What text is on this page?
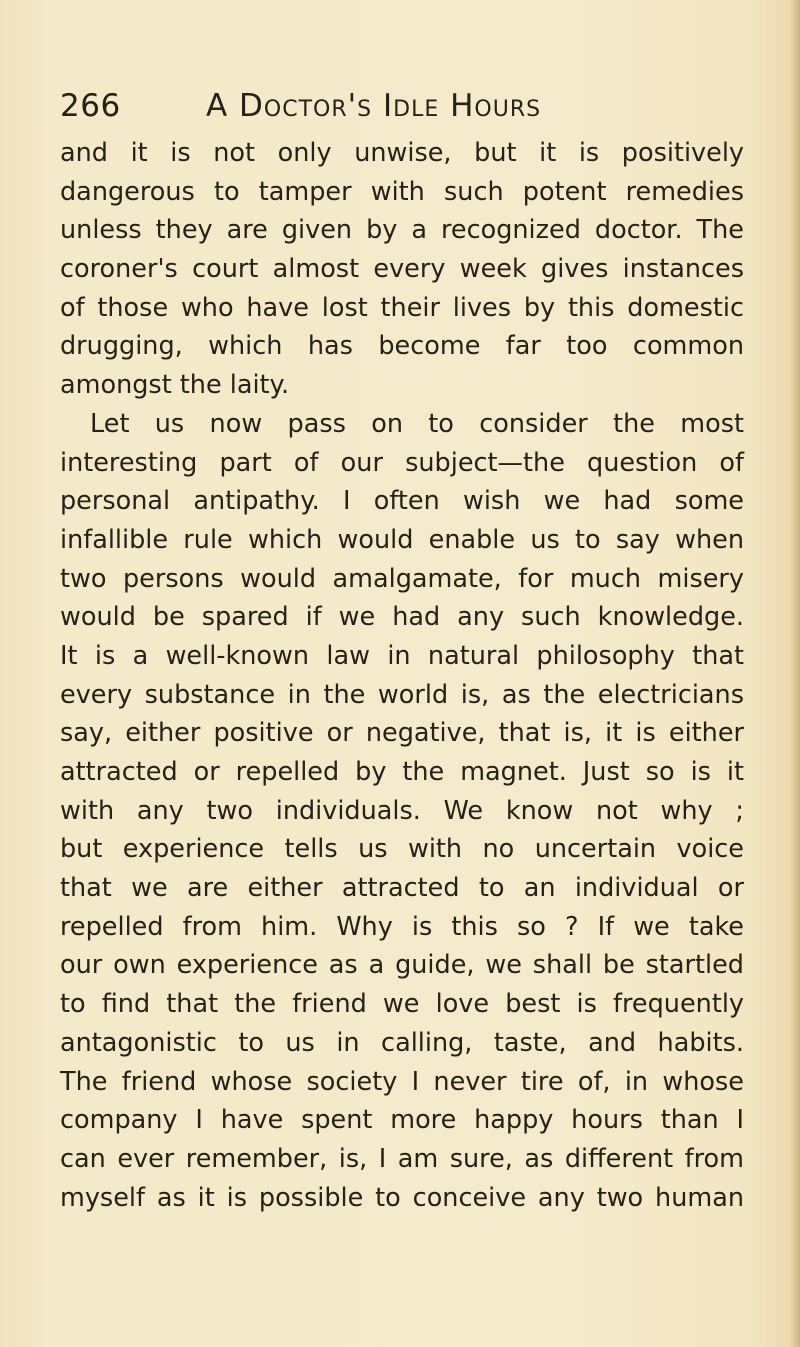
266	A Doctor's Idle Hours
and it is not only unwise, but it is positively
dangerous to tamper with such potent remedies
unless they are given by a recognized doctor. The
coroner's court almost every week gives instances
of those who have lost their lives by this domestic
drugging, which has become far too common
amongst the laity.
Let us now pass on to consider the most
interesting part of our subject—the question of
personal antipathy. I often wish we had some
infallible rule which would enable us to say when
two persons would amalgamate, for much misery
would be spared if we had any such knowledge.
It is a well-known law in natural philosophy that
every substance in the world is, as the electricians
say, either positive or negative, that is, it is either
attracted or repelled by the magnet. Just so is it
with any two individuals. We know not why ;
but experience tells us with no uncertain voice
that we are either attracted to an individual or
repelled from him. Why is this so ? If we take
our own experience as a guide, we shall be startled
to find that the friend we love best is frequently
antagonistic to us in calling, taste, and habits.
The friend whose society I never tire of, in whose
company I have spent more happy hours than I
can ever remember, is, I am sure, as different from
myself as it is possible to conceive any two human
